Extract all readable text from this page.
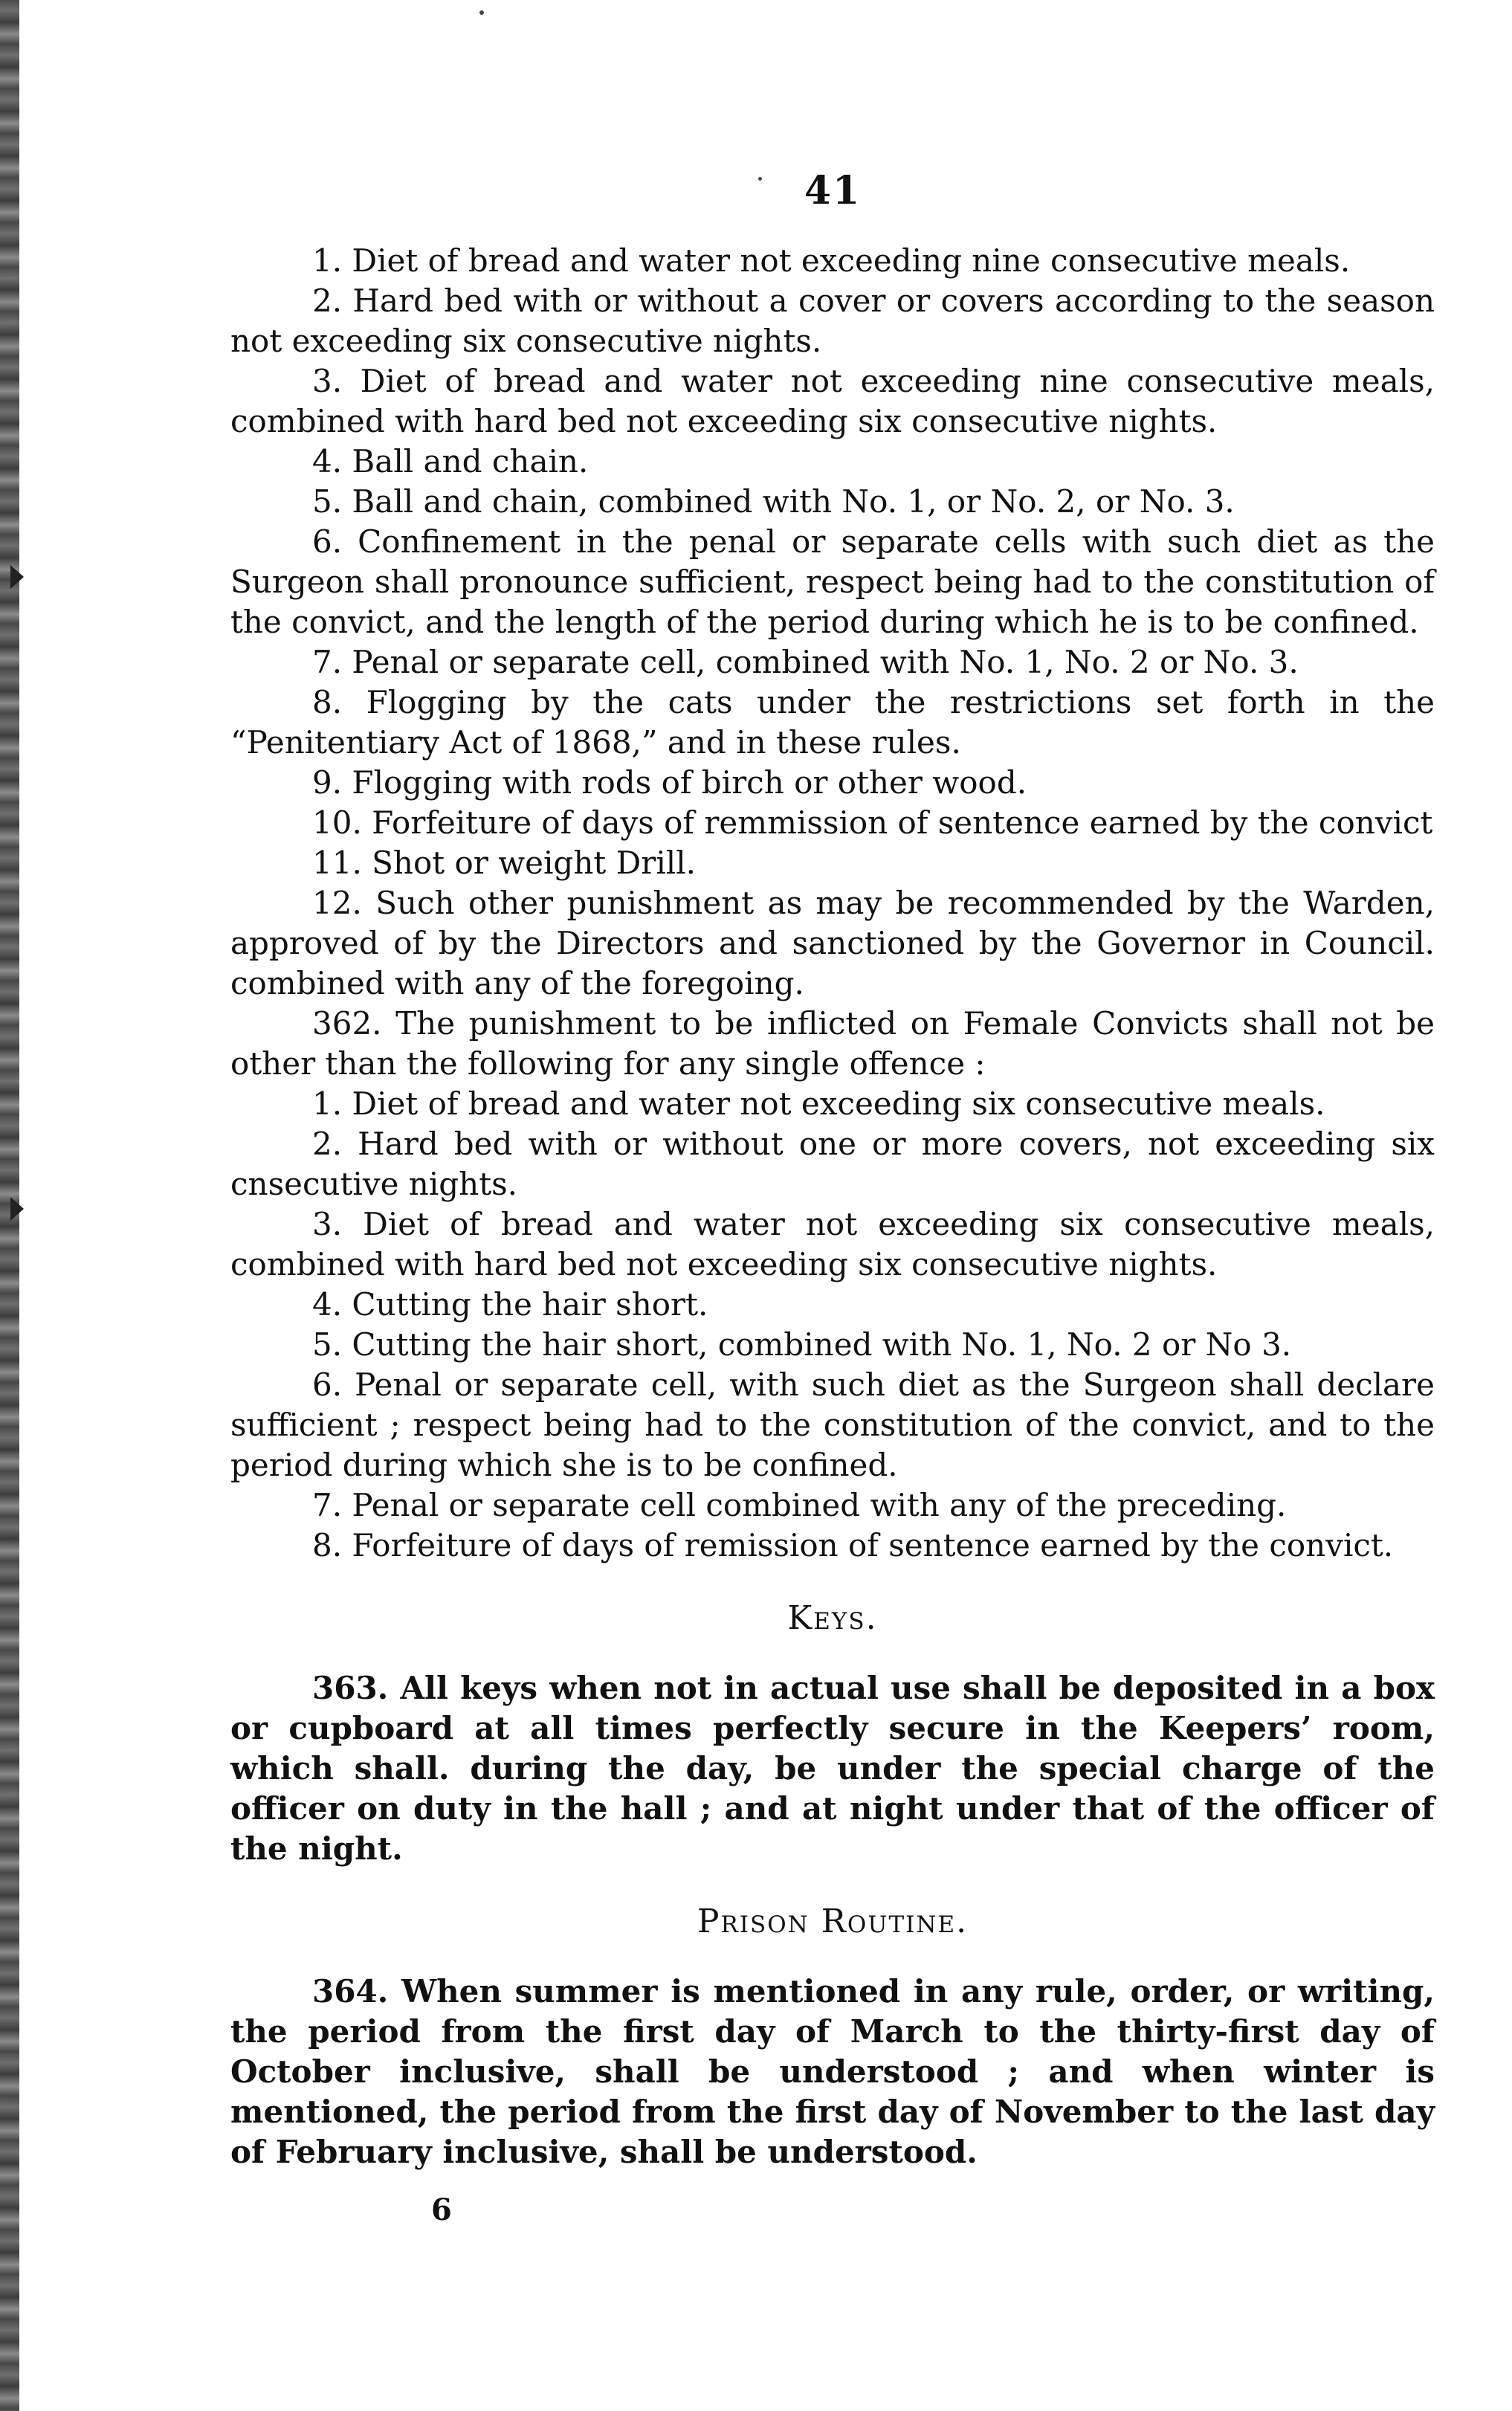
41

1. Diet of bread and water not exceeding nine consecutive meals.

2. Hard bed with or without a cover or covers according to the season not exceeding six consecutive nights.

3. Diet of bread and water not exceeding nine consecutive meals, combined with hard bed not exceeding six consecutive nights.

4. Ball and chain.

5. Ball and chain, combined with No. 1, or No. 2, or No. 3.

6. Confinement in the penal or separate cells with such diet as the Surgeon shall pronounce sufficient, respect being had to the constitution of the convict, and the length of the period during which he is to be confined.

7. Penal or separate cell, combined with No. 1, No. 2 or No. 3.

8. Flogging by the cats under the restrictions set forth in the “Penitentiary Act of 1868,” and in these rules.

9. Flogging with rods of birch or other wood.

10. Forfeiture of days of remmission of sentence earned by the convict

11. Shot or weight Drill.

12. Such other punishment as may be recommended by the Warden, approved of by the Directors and sanctioned by the Governor in Council. combined with any of the foregoing.

362. The punishment to be inflicted on Female Convicts shall not be other than the following for any single offence :

1. Diet of bread and water not exceeding six consecutive meals.

2. Hard bed with or without one or more covers, not exceeding six cnsecutive nights.

3. Diet of bread and water not exceeding six consecutive meals, combined with hard bed not exceeding six consecutive nights.

4. Cutting the hair short.

5. Cutting the hair short, combined with No. 1, No. 2 or No 3.

6. Penal or separate cell, with such diet as the Surgeon shall declare sufficient ; respect being had to the constitution of the convict, and to the period during which she is to be confined.

7. Penal or separate cell combined with any of the preceding.

8. Forfeiture of days of remission of sentence earned by the convict.

Keys.

363. All keys when not in actual use shall be deposited in a box or cupboard at all times perfectly secure in the Keepers’ room, which shall. during the day, be under the special charge of the officer on duty in the hall ; and at night under that of the officer of the night.

Prison Routine.

364. When summer is mentioned in any rule, order, or writing, the period from the first day of March to the thirty-first day of October inclusive, shall be understood ; and when winter is mentioned, the period from the first day of November to the last day of February inclusive, shall be understood.

6
